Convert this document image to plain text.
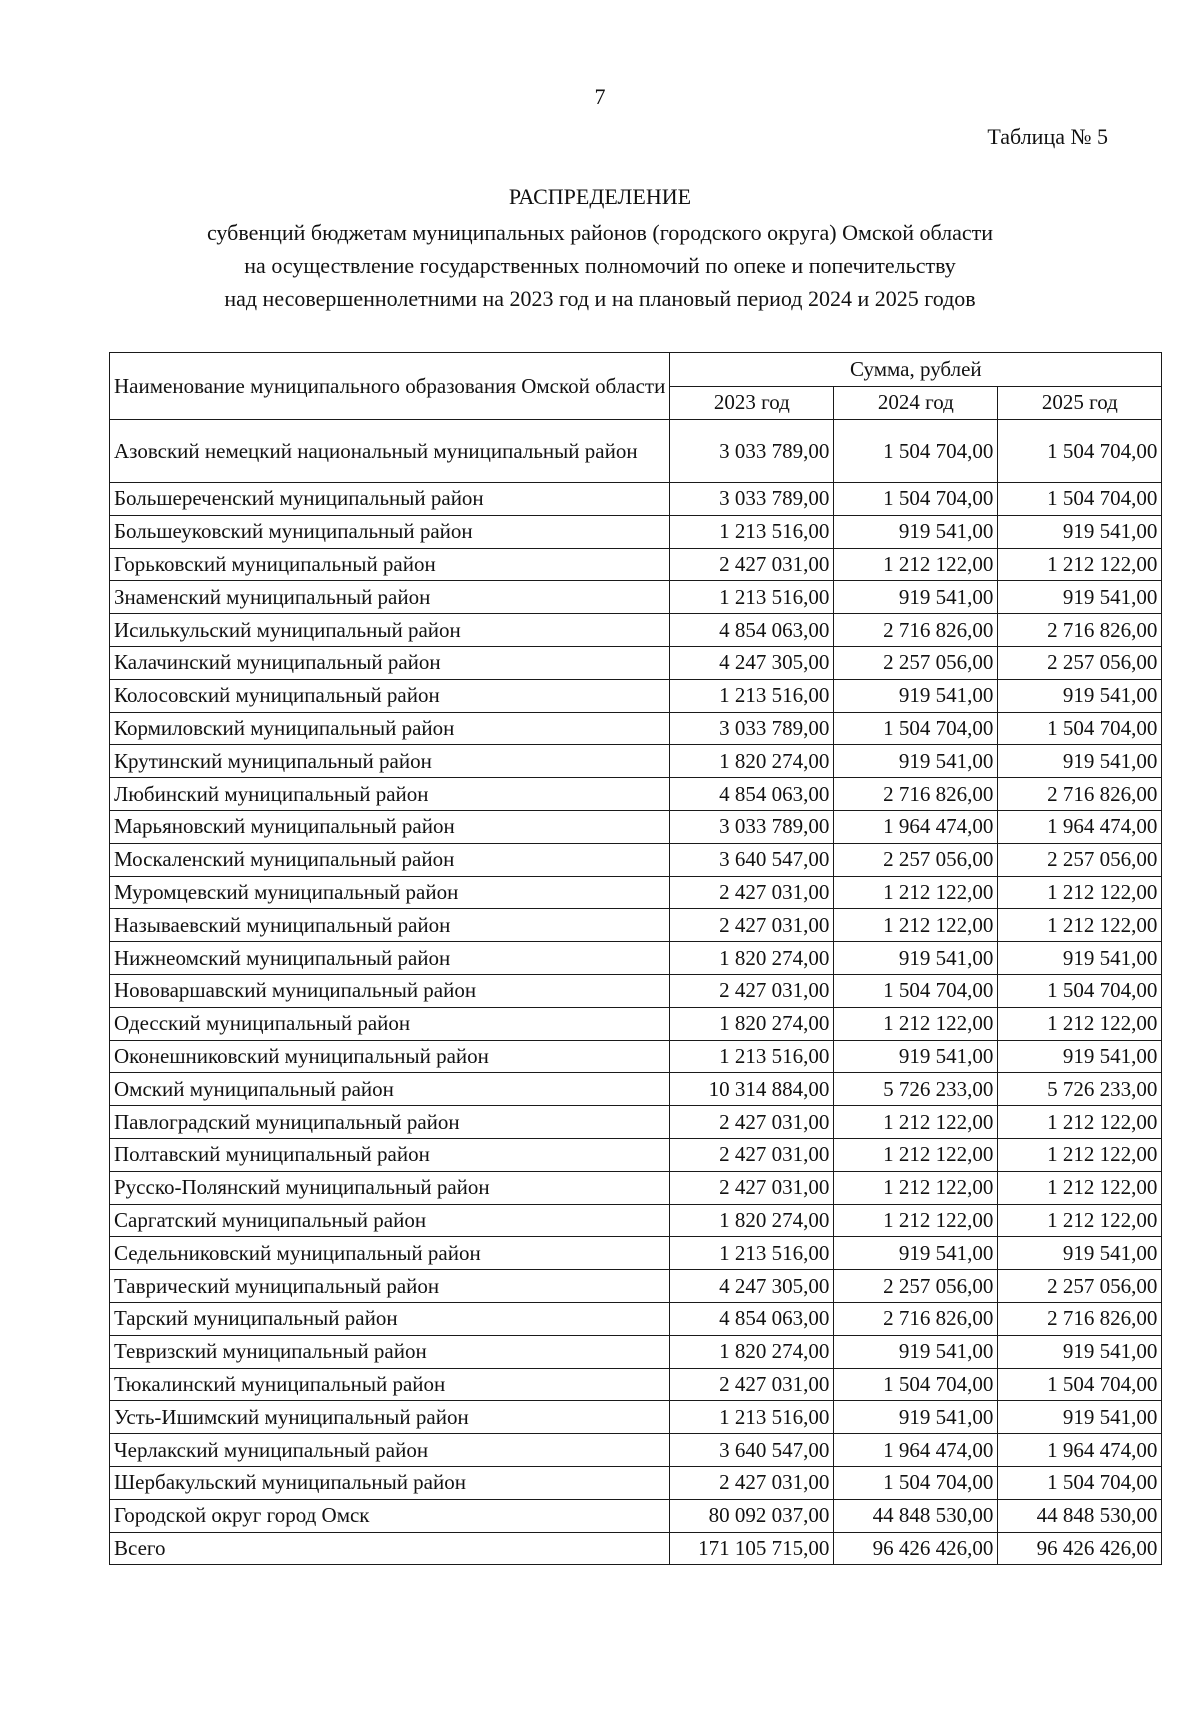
7
Таблица № 5
РАСПРЕДЕЛЕНИЕ
субвенций бюджетам муниципальных районов (городского округа) Омской области
на осуществление государственных полномочий по опеке и попечительству
над несовершеннолетними на 2023 год и на плановый период 2024 и 2025 годов
Наименование муниципального образования Омской области	Сумма, рублей		
	2023 год	2024 год	2025 год
Азовский немецкий национальный муниципальный район	3 033 789,00	1 504 704,00	1 504 704,00
Большереченский муниципальный район	3 033 789,00	1 504 704,00	1 504 704,00
Большеуковский муниципальный район	1 213 516,00	919 541,00	919 541,00
Горьковский муниципальный район	2 427 031,00	1 212 122,00	1 212 122,00
Знаменский муниципальный район	1 213 516,00	919 541,00	919 541,00
Исилькульский муниципальный район	4 854 063,00	2 716 826,00	2 716 826,00
Калачинский муниципальный район	4 247 305,00	2 257 056,00	2 257 056,00
Колосовский муниципальный район	1 213 516,00	919 541,00	919 541,00
Кормиловский муниципальный район	3 033 789,00	1 504 704,00	1 504 704,00
Крутинский муниципальный район	1 820 274,00	919 541,00	919 541,00
Любинский муниципальный район	4 854 063,00	2 716 826,00	2 716 826,00
Марьяновский муниципальный район	3 033 789,00	1 964 474,00	1 964 474,00
Москаленский муниципальный район	3 640 547,00	2 257 056,00	2 257 056,00
Муромцевский муниципальный район	2 427 031,00	1 212 122,00	1 212 122,00
Называевский муниципальный район	2 427 031,00	1 212 122,00	1 212 122,00
Нижнеомский муниципальный район	1 820 274,00	919 541,00	919 541,00
Нововаршавский муниципальный район	2 427 031,00	1 504 704,00	1 504 704,00
Одесский муниципальный район	1 820 274,00	1 212 122,00	1 212 122,00
Оконешниковский муниципальный район	1 213 516,00	919 541,00	919 541,00
Омский муниципальный район	10 314 884,00	5 726 233,00	5 726 233,00
Павлоградский муниципальный район	2 427 031,00	1 212 122,00	1 212 122,00
Полтавский муниципальный район	2 427 031,00	1 212 122,00	1 212 122,00
Русско-Полянский муниципальный район	2 427 031,00	1 212 122,00	1 212 122,00
Саргатский муниципальный район	1 820 274,00	1 212 122,00	1 212 122,00
Седельниковский муниципальный район	1 213 516,00	919 541,00	919 541,00
Таврический муниципальный район	4 247 305,00	2 257 056,00	2 257 056,00
Тарский муниципальный район	4 854 063,00	2 716 826,00	2 716 826,00
Тевризский муниципальный район	1 820 274,00	919 541,00	919 541,00
Тюкалинский муниципальный район	2 427 031,00	1 504 704,00	1 504 704,00
Усть-Ишимский муниципальный район	1 213 516,00	919 541,00	919 541,00
Черлакский муниципальный район	3 640 547,00	1 964 474,00	1 964 474,00
Шербакульский муниципальный район	2 427 031,00	1 504 704,00	1 504 704,00
Городской округ город Омск	80 092 037,00	44 848 530,00	44 848 530,00
Всего	171 105 715,00	96 426 426,00	96 426 426,00
